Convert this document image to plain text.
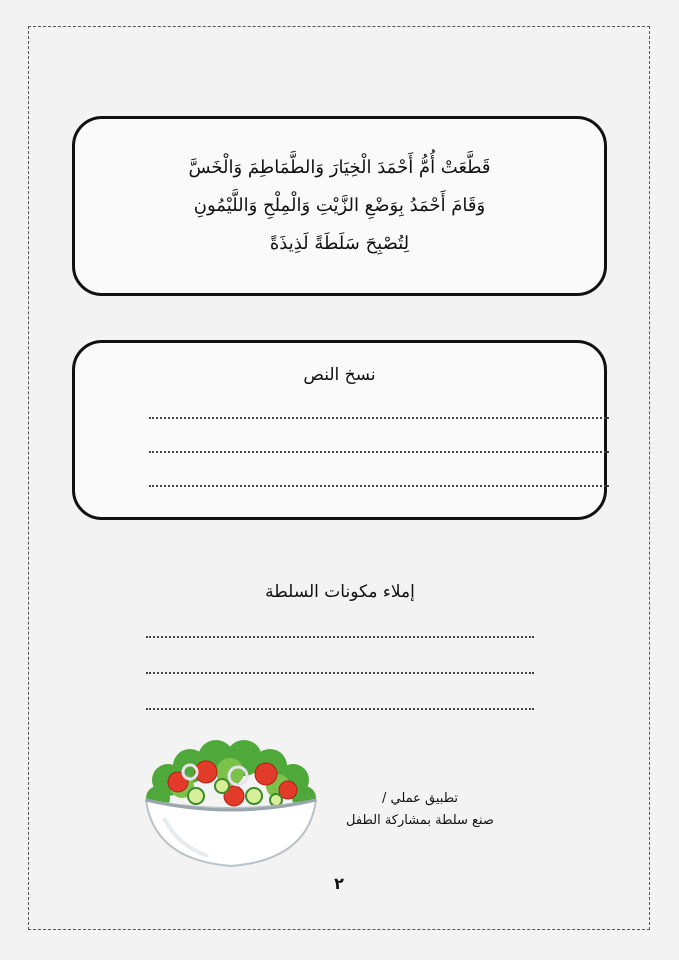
قَطَّعَتْ أُمُّ أَحْمَدَ الْخِيَارَ وَالطَّمَاطِمَ وَالْخَسَّ
وَقَامَ أَحْمَدُ بِوَضْعِ الزَّيْتِ وَالْمِلْحِ وَاللَّيْمُونِ
لِتُصْبِحَ سَلَطَةً لَذِيذَةً
نسخ النص
إملاء مكونات السلطة
تطبيق عملي /
صنع سلطة بمشاركة الطفل
٢
